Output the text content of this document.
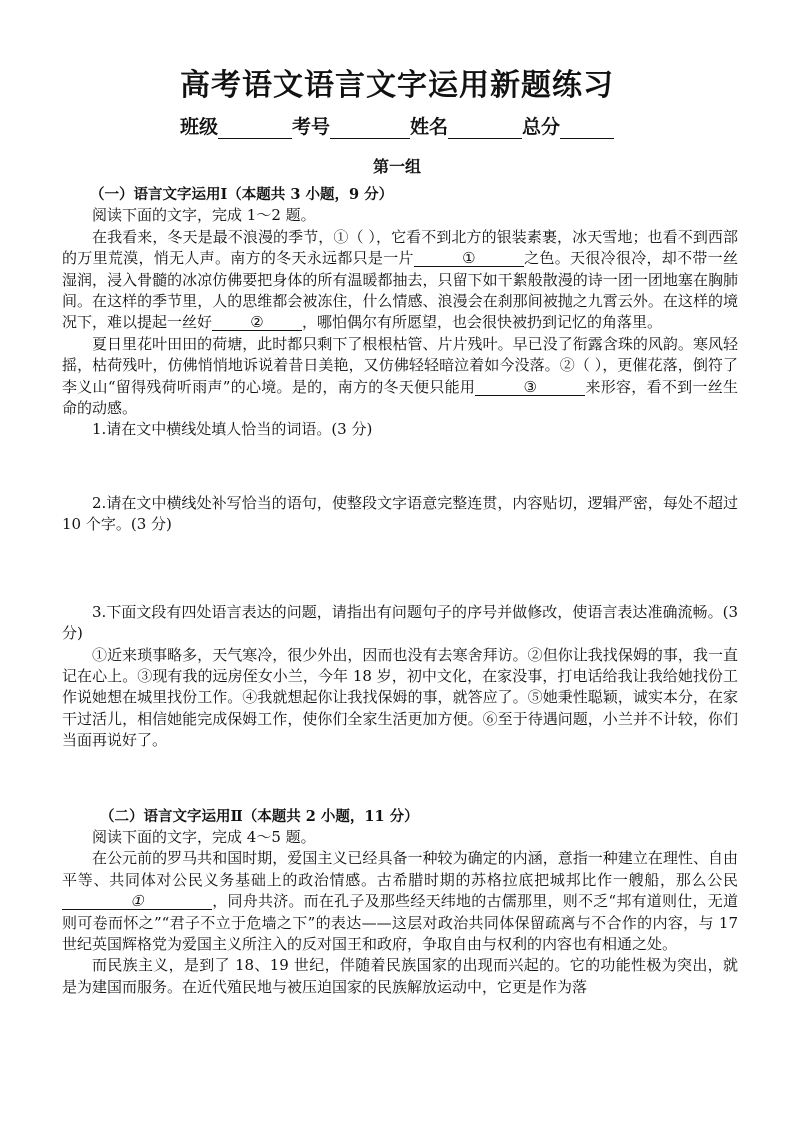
高考语文语言文字运用新题练习
班级	考号	姓名	总分
第一组

（一）语言文字运用Ⅰ（本题共 3 小题，9 分）

阅读下面的文字，完成 1～2 题。

在我看来，冬天是最不浪漫的季节，①（ ），它看不到北方的银装素裹，冰天雪地；也看不到西部的万里荒漠，悄无人声。南方的冬天永远都只是一片	①	之色。天很冷很冷，却不带一丝湿润，浸入骨髓的冰凉仿佛要把身体的所有温暖都抽去，只留下如干絮般散漫的诗一团一团地塞在胸肺间。在这样的季节里，人的思维都会被冻住，什么情感、浪漫会在刹那间被抛之九霄云外。在这样的境况下，难以提起一丝好	②	，哪怕偶尔有所愿望，也会很快被扔到记忆的角落里。

夏日里花叶田田的荷塘，此时都只剩下了根根枯管、片片残叶。早已没了衔露含珠的风韵。寒风轻摇，枯荷残叶，仿佛悄悄地诉说着昔日美艳，又仿佛轻轻暗泣着如今没落。②（ ），更催花落，倒符了李义山“留得残荷听雨声”的心境。是的，南方的冬天便只能用	③	来形容，看不到一丝生命的动感。

1.请在文中横线处填人恰当的词语。(3 分)

2.请在文中横线处补写恰当的语句，使整段文字语意完整连贯，内容贴切，逻辑严密，每处不超过 10 个字。(3 分)

3.下面文段有四处语言表达的问题，请指出有问题句子的序号并做修改，使语言表达准确流畅。(3 分)

①近来琐事略多，天气寒冷，很少外出，因而也没有去寒舍拜访。②但你让我找保姆的事，我一直记在心上。③现有我的远房侄女小兰，今年 18 岁，初中文化，在家没事，打电话给我让我给她找份工作说她想在城里找份工作。④我就想起你让我找保姆的事，就答应了。⑤她秉性聪颖，诚实本分，在家干过活儿，相信她能完成保姆工作，使你们全家生活更加方便。⑥至于待遇问题，小兰并不计较，你们当面再说好了。

（二）语言文字运用Ⅱ（本题共 2 小题，11 分）

阅读下面的文字，完成 4～5 题。

在公元前的罗马共和国时期，爱国主义已经具备一种较为确定的内涵，意指一种建立在理性、自由平等、共同体对公民义务基础上的政治情感。古希腊时期的苏格拉底把城邦比作一艘船，那么公民①	，同舟共济。而在孔子及那些经天纬地的古儒那里，则不乏“邦有道则仕，无道则可卷而怀之”“君子不立于危墙之下”的表达——这层对政治共同体保留疏离与不合作的内容，与 17 世纪英国辉格党为爱国主义所注入的反对国王和政府，争取自由与权利的内容也有相通之处。

而民族主义，是到了 18、19 世纪，伴随着民族国家的出现而兴起的。它的功能性极为突出，就是为建国而服务。在近代殖民地与被压迫国家的民族解放运动中，它更是作为落
